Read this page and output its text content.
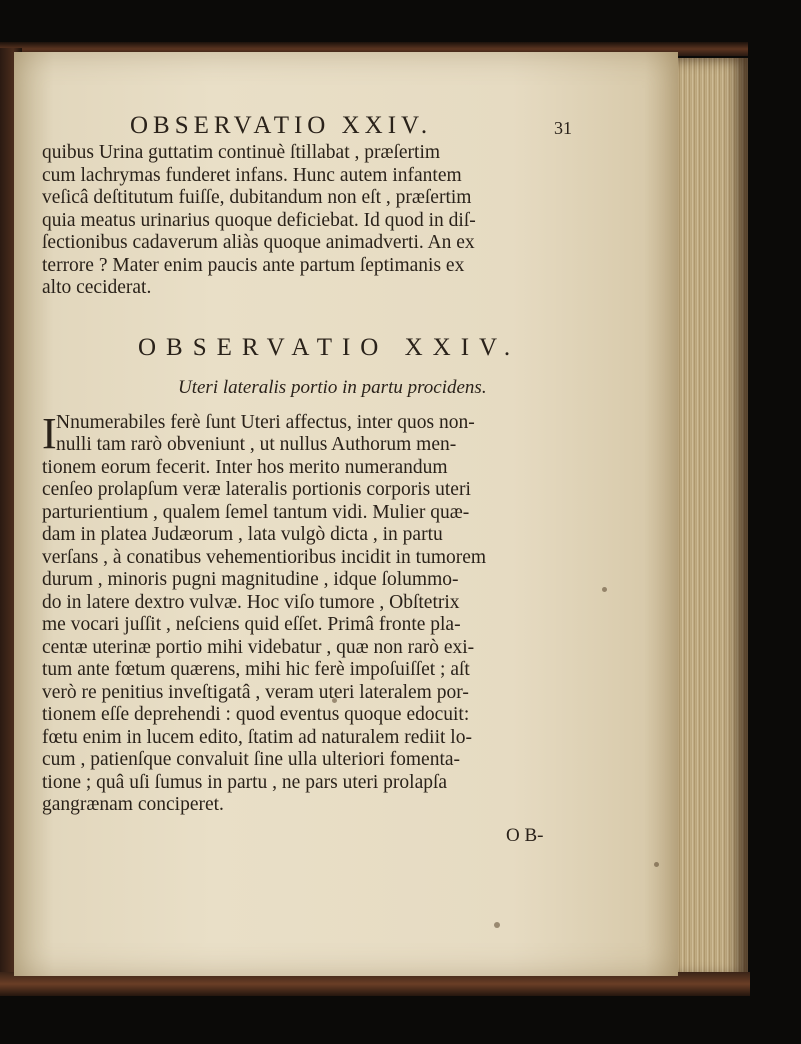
OBSERVATIO XXIV.	31
quibus Urina guttatim continuè ſtillabat , præſertim
cum lachrymas funderet infans. Hunc autem infantem
veſicâ deſtitutum fuiſſe, dubitandum non eſt , præſertim
quia meatus urinarius quoque deficiebat. Id quod in diſ-
ſectionibus cadaverum aliàs quoque animadverti. An ex
terrore ? Mater enim paucis ante partum ſeptimanis ex
alto ceciderat.
OBSERVATIO XXIV.
Uteri lateralis portio in partu procidens.
I Nnumerabiles ferè ſunt Uteri affectus, inter quos non-
nulli tam rarò obveniunt , ut nullus Authorum men-
tionem eorum fecerit. Inter hos merito numerandum
cenſeo prolapſum veræ lateralis portionis corporis uteri
parturientium , qualem ſemel tantum vidi. Mulier quæ-
dam in platea Judæorum , lata vulgò dicta , in partu
verſans , à conatibus vehementioribus incidit in tumorem
durum , minoris pugni magnitudine , idque ſolummo-
do in latere dextro vulvæ. Hoc viſo tumore , Obſtetrix
me vocari juſſit , neſciens quid eſſet. Primâ fronte pla-
centæ uterinæ portio mihi videbatur , quæ non rarò exi-
tum ante fœtum quærens, mihi hic ferè impoſuiſſet ; aſt
verò re penitius inveſtigatâ , veram uteri lateralem por-
tionem eſſe deprehendi : quod eventus quoque edocuit:
fœtu enim in lucem edito, ſtatim ad naturalem rediit lo-
cum , patienſque convaluit ſine ulla ulteriori fomenta-
tione ; quâ uſi ſumus in partu , ne pars uteri prolapſa
gangrænam conciperet.
O B-
